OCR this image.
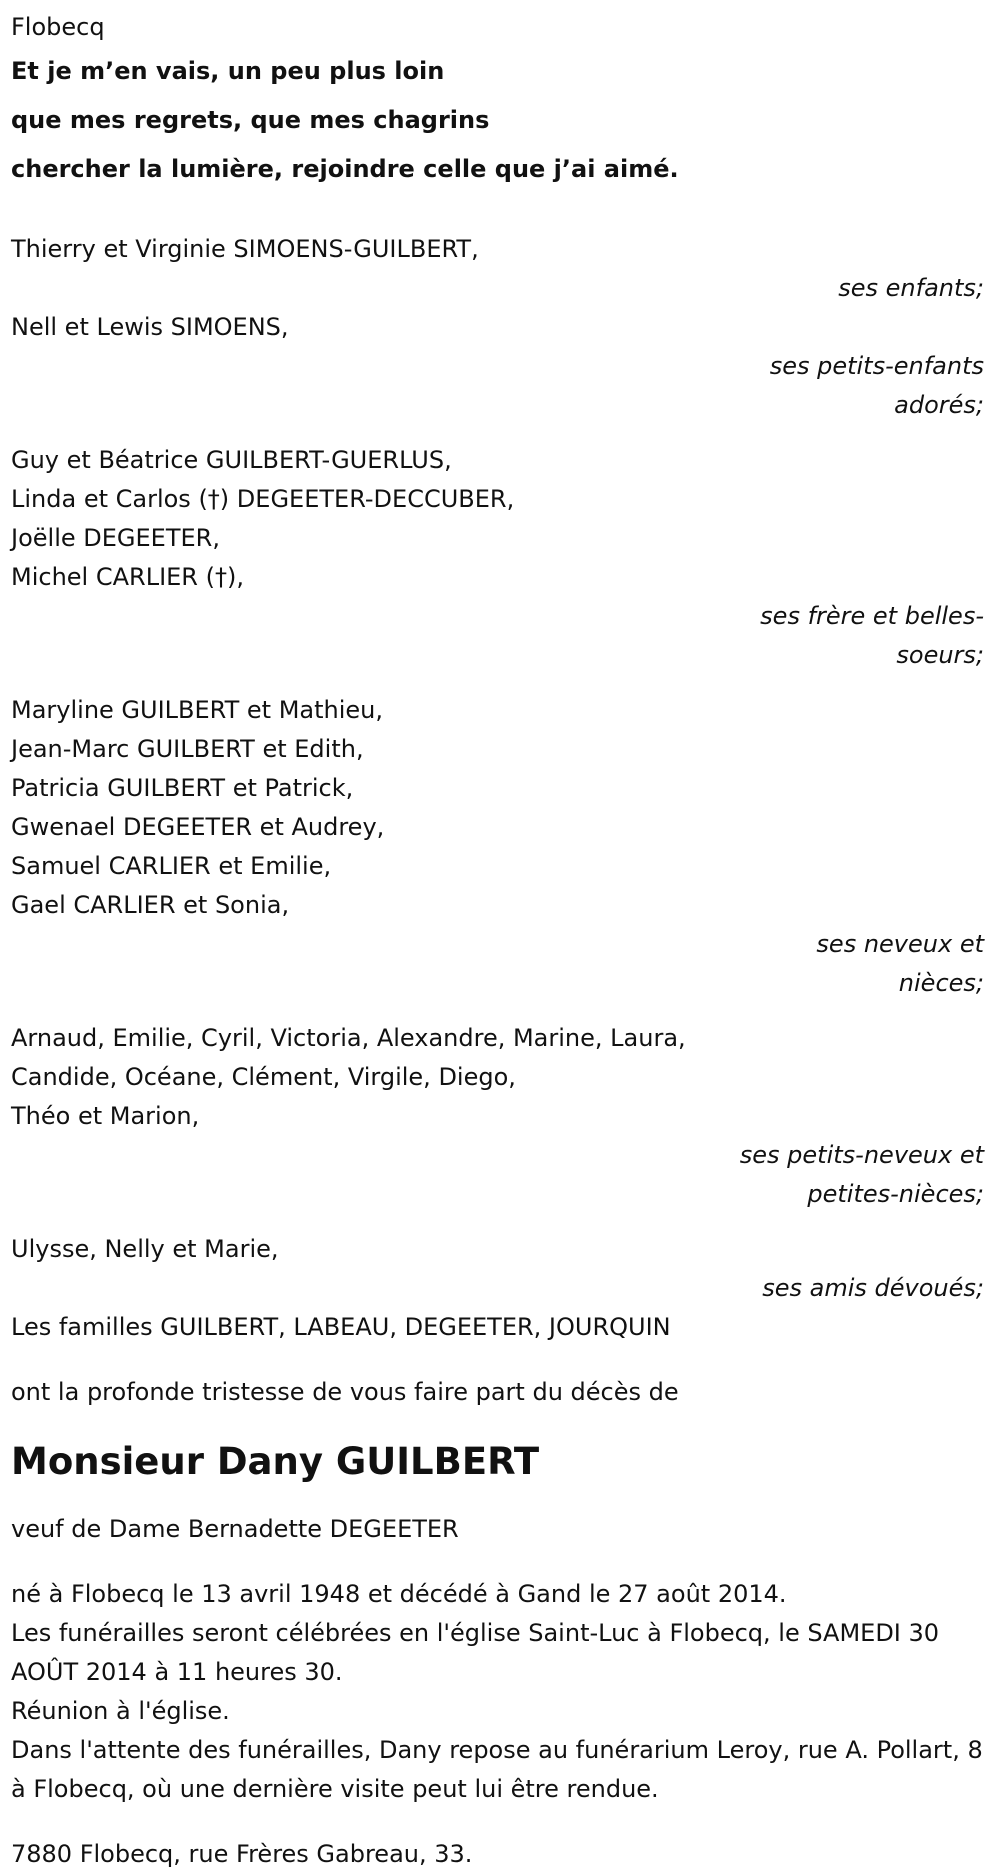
Flobecq
Et je m’en vais, un peu plus loin
que mes regrets, que mes chagrins
chercher la lumière, rejoindre celle que j’ai aimé.
Thierry et Virginie SIMOENS-GUILBERT,
ses enfants;
Nell et Lewis SIMOENS,
ses petits-enfants
adorés;
Guy et Béatrice GUILBERT-GUERLUS,
Linda et Carlos (†) DEGEETER-DECCUBER,
Joëlle DEGEETER,
Michel CARLIER (†),
ses frère et belles-
soeurs;
Maryline GUILBERT et Mathieu,
Jean-Marc GUILBERT et Edith,
Patricia GUILBERT et Patrick,
Gwenael DEGEETER et Audrey,
Samuel CARLIER et Emilie,
Gael CARLIER et Sonia,
ses neveux et
nièces;
Arnaud, Emilie, Cyril, Victoria, Alexandre, Marine, Laura,
Candide, Océane, Clément, Virgile, Diego,
Théo et Marion,
ses petits-neveux et
petites-nièces;
Ulysse, Nelly et Marie,
ses amis dévoués;
Les familles GUILBERT, LABEAU, DEGEETER, JOURQUIN
ont la profonde tristesse de vous faire part du décès de
Monsieur Dany GUILBERT
veuf de Dame Bernadette DEGEETER
né à Flobecq le 13 avril 1948 et décédé à Gand le 27 août 2014.
Les funérailles seront célébrées en l'église Saint-Luc à Flobecq, le SAMEDI 30 AOÛT 2014 à 11 heures 30.
Réunion à l'église.
Dans l'attente des funérailles, Dany repose au funérarium Leroy, rue A. Pollart, 8 à Flobecq, où une dernière visite peut lui être rendue.
7880 Flobecq, rue Frères Gabreau, 33.
